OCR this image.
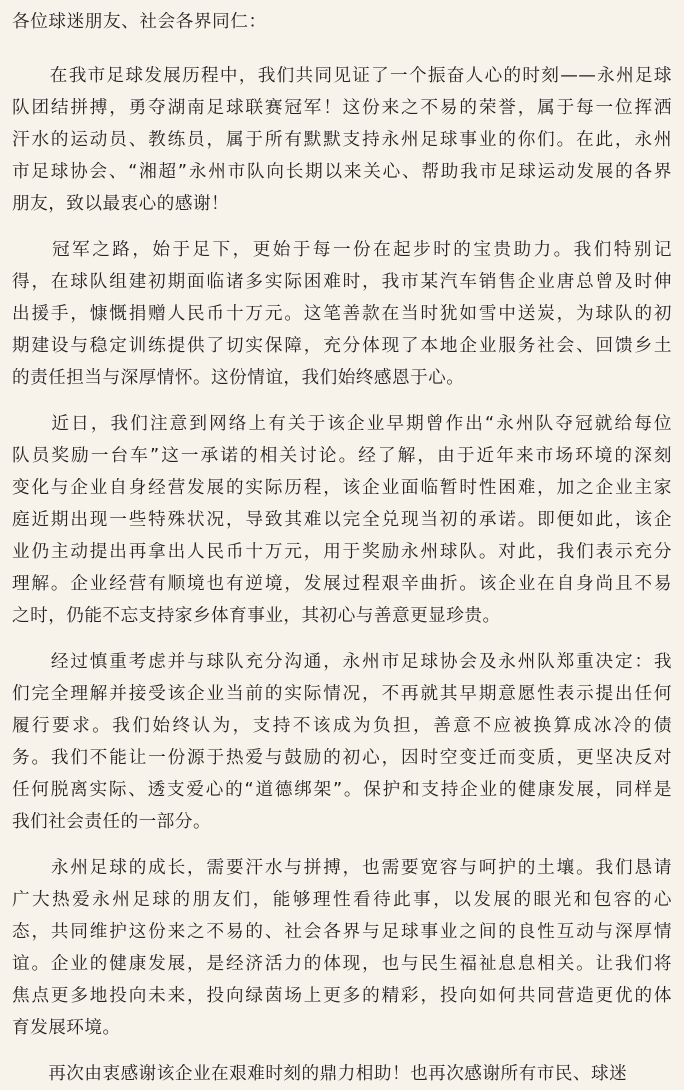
各位球迷朋友、社会各界同仁：
　　在我市足球发展历程中，我们共同见证了一个振奋人心的时刻——永州足球
队团结拼搏，勇夺湖南足球联赛冠军！这份来之不易的荣誉，属于每一位挥洒
汗水的运动员、教练员，属于所有默默支持永州足球事业的你们。在此，永州
市足球协会、“湘超”永州市队向长期以来关心、帮助我市足球运动发展的各界
朋友，致以最衷心的感谢！
　　冠军之路，始于足下，更始于每一份在起步时的宝贵助力。我们特别记
得，在球队组建初期面临诸多实际困难时，我市某汽车销售企业唐总曾及时伸
出援手，慷慨捐赠人民币十万元。这笔善款在当时犹如雪中送炭，为球队的初
期建设与稳定训练提供了切实保障，充分体现了本地企业服务社会、回馈乡土
的责任担当与深厚情怀。这份情谊，我们始终感恩于心。
　　近日，我们注意到网络上有关于该企业早期曾作出“永州队夺冠就给每位
队员奖励一台车”这一承诺的相关讨论。经了解，由于近年来市场环境的深刻
变化与企业自身经营发展的实际历程，该企业面临暂时性困难，加之企业主家
庭近期出现一些特殊状况，导致其难以完全兑现当初的承诺。即便如此，该企
业仍主动提出再拿出人民币十万元，用于奖励永州球队。对此，我们表示充分
理解。企业经营有顺境也有逆境，发展过程艰辛曲折。该企业在自身尚且不易
之时，仍能不忘支持家乡体育事业，其初心与善意更显珍贵。
　　经过慎重考虑并与球队充分沟通，永州市足球协会及永州队郑重决定：我
们完全理解并接受该企业当前的实际情况，不再就其早期意愿性表示提出任何
履行要求。我们始终认为，支持不该成为负担，善意不应被换算成冰冷的债
务。我们不能让一份源于热爱与鼓励的初心，因时空变迁而变质，更坚决反对
任何脱离实际、透支爱心的“道德绑架”。保护和支持企业的健康发展，同样是
我们社会责任的一部分。
　　永州足球的成长，需要汗水与拼搏，也需要宽容与呵护的土壤。我们恳请
广大热爱永州足球的朋友们，能够理性看待此事，以发展的眼光和包容的心
态，共同维护这份来之不易的、社会各界与足球事业之间的良性互动与深厚情
谊。企业的健康发展，是经济活力的体现，也与民生福祉息息相关。让我们将
焦点更多地投向未来，投向绿茵场上更多的精彩，投向如何共同营造更优的体
育发展环境。
　　再次由衷感谢该企业在艰难时刻的鼎力相助！也再次感谢所有市民、球迷
